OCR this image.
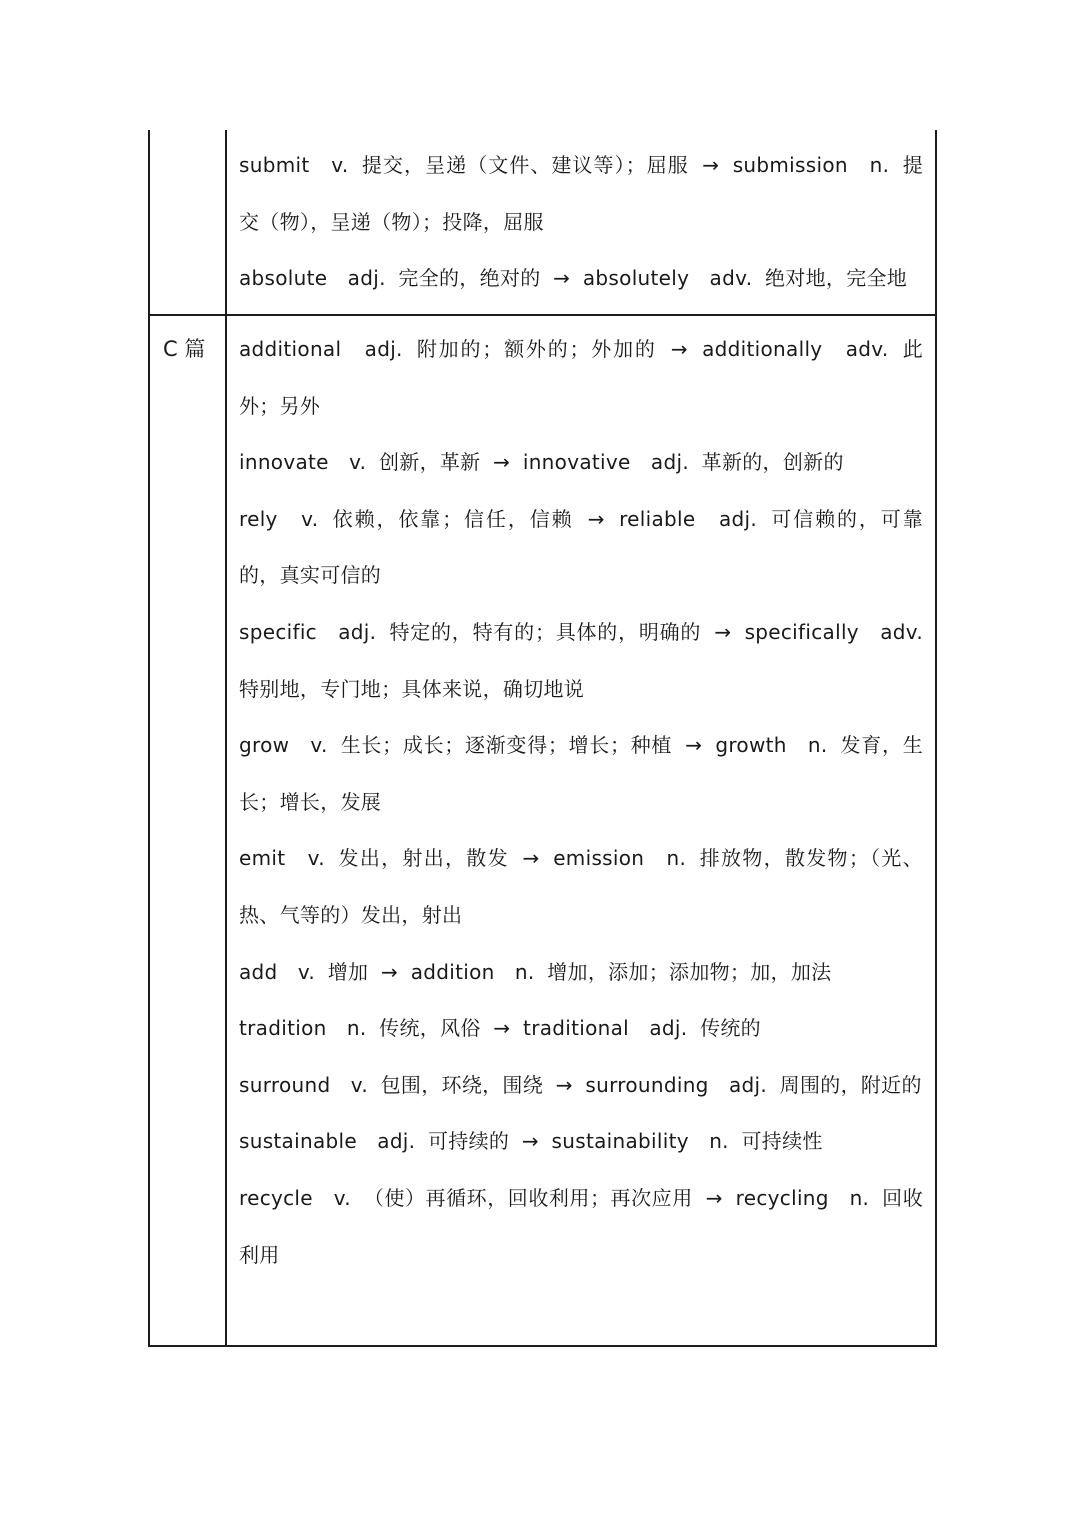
submit　v. 提交，呈递（文件、建议等）；屈服 → submission　n. 提交（物），呈递（物）；投降，屈服
absolute　adj. 完全的，绝对的 → absolutely　adv. 绝对地，完全地
C 篇 additional　adj. 附加的；额外的；外加的 → additionally　adv. 此外；另外
innovate　v. 创新，革新 → innovative　adj. 革新的，创新的
rely　v. 依赖，依靠；信任，信赖 → reliable　adj. 可信赖的，可靠的，真实可信的
specific　adj. 特定的，特有的；具体的，明确的 → specifically　adv. 特别地，专门地；具体来说，确切地说
grow　v. 生长；成长；逐渐变得；增长；种植 → growth　n. 发育，生长；增长，发展
emit　v. 发出，射出，散发 → emission　n. 排放物，散发物；（光、热、气等的）发出，射出
add　v. 增加 → addition　n. 增加，添加；添加物；加，加法
tradition　n. 传统，风俗 → traditional　adj. 传统的
surround　v. 包围，环绕，围绕 → surrounding　adj. 周围的，附近的
sustainable　adj. 可持续的 → sustainability　n. 可持续性
recycle　v. （使）再循环，回收利用；再次应用 → recycling　n. 回收利用
